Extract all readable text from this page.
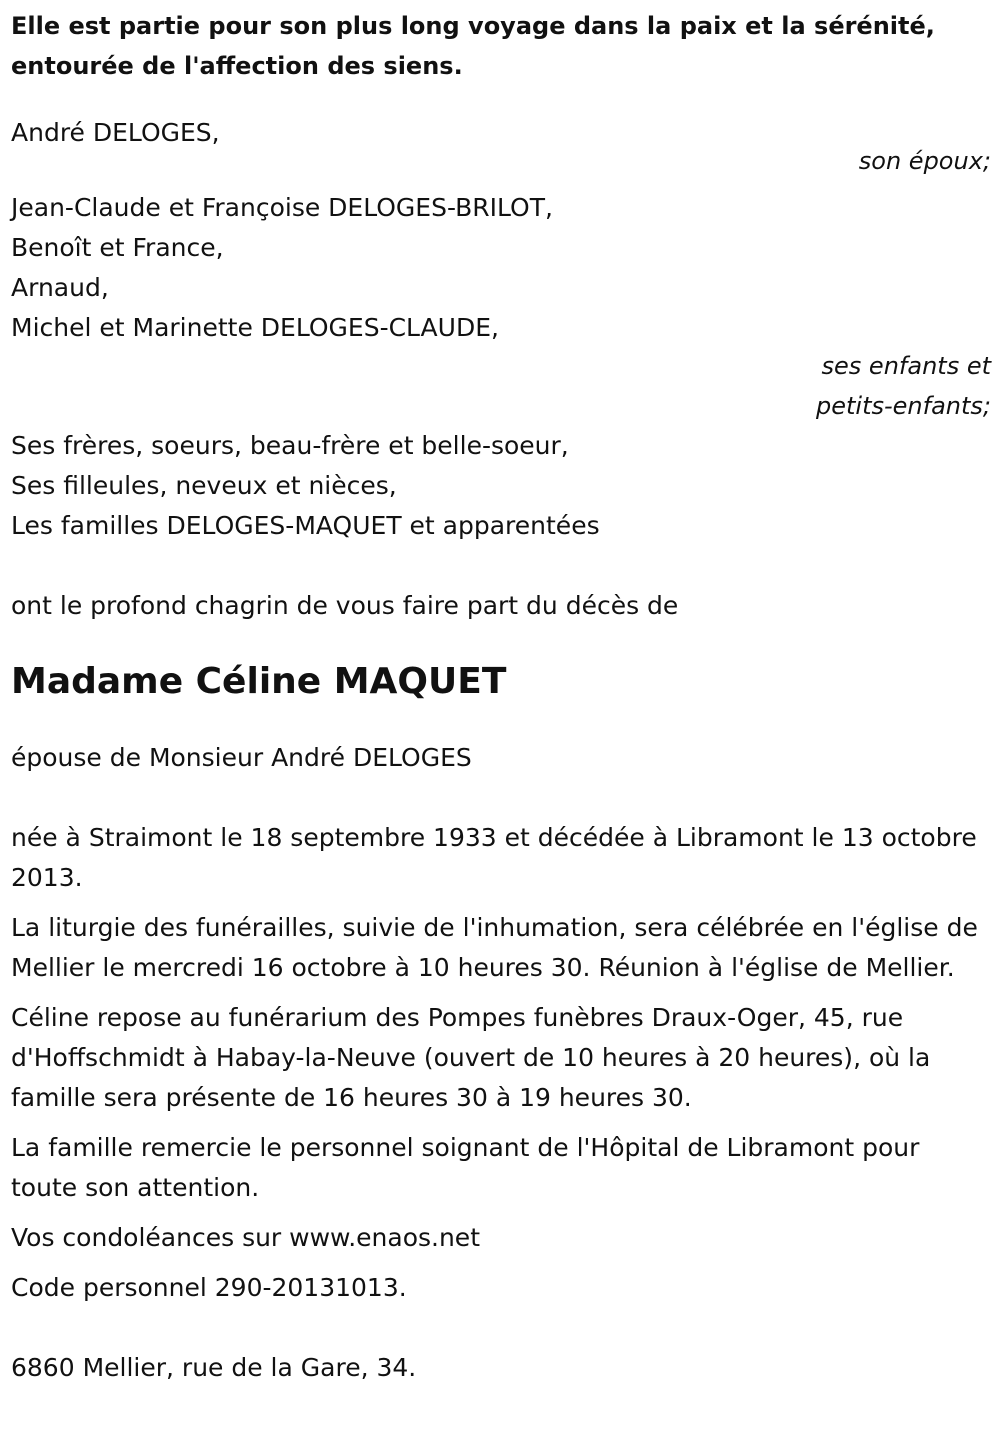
Elle est partie pour son plus long voyage dans la paix et la sérénité,
entourée de l'affection des siens.
André DELOGES,
son époux;
Jean-Claude et Françoise DELOGES-BRILOT,
Benoît et France,
Arnaud,
Michel et Marinette DELOGES-CLAUDE,
ses enfants et
petits-enfants;
Ses frères, soeurs, beau-frère et belle-soeur,
Ses filleules, neveux et nièces,
Les familles DELOGES-MAQUET et apparentées
ont le profond chagrin de vous faire part du décès de
Madame Céline MAQUET
épouse de Monsieur André DELOGES
née à Straimont le 18 septembre 1933 et décédée à Libramont le 13 octobre 2013.
La liturgie des funérailles, suivie de l'inhumation, sera célébrée en l'église de Mellier le mercredi 16 octobre à 10 heures 30. Réunion à l'église de Mellier.
Céline repose au funérarium des Pompes funèbres Draux-Oger, 45, rue d'Hoffschmidt à Habay-la-Neuve (ouvert de 10 heures à 20 heures), où la famille sera présente de 16 heures 30 à 19 heures 30.
La famille remercie le personnel soignant de l'Hôpital de Libramont pour toute son attention.
Vos condoléances sur www.enaos.net
Code personnel 290-20131013.
6860 Mellier, rue de la Gare, 34.
